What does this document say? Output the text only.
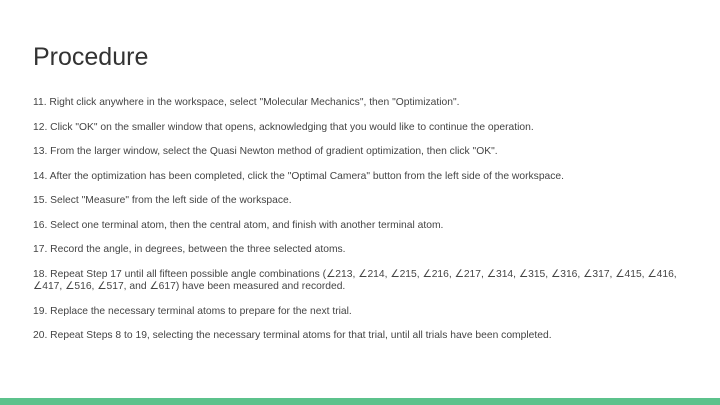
Procedure
11. Right click anywhere in the workspace, select "Molecular Mechanics", then "Optimization".
12. Click "OK" on the smaller window that opens, acknowledging that you would like to continue the operation.
13. From the larger window, select the Quasi Newton method of gradient optimization, then click "OK".
14. After the optimization has been completed, click the "Optimal Camera" button from the left side of the workspace.
15. Select "Measure" from the left side of the workspace.
16. Select one terminal atom, then the central atom, and finish with another terminal atom.
17. Record the angle, in degrees, between the three selected atoms.
18. Repeat Step 17 until all fifteen possible angle combinations (∠213, ∠214, ∠215, ∠216, ∠217, ∠314, ∠315, ∠316, ∠317, ∠415, ∠416, ∠417, ∠516, ∠517, and ∠617) have been measured and recorded.
19. Replace the necessary terminal atoms to prepare for the next trial.
20. Repeat Steps 8 to 19, selecting the necessary terminal atoms for that trial, until all trials have been completed.
